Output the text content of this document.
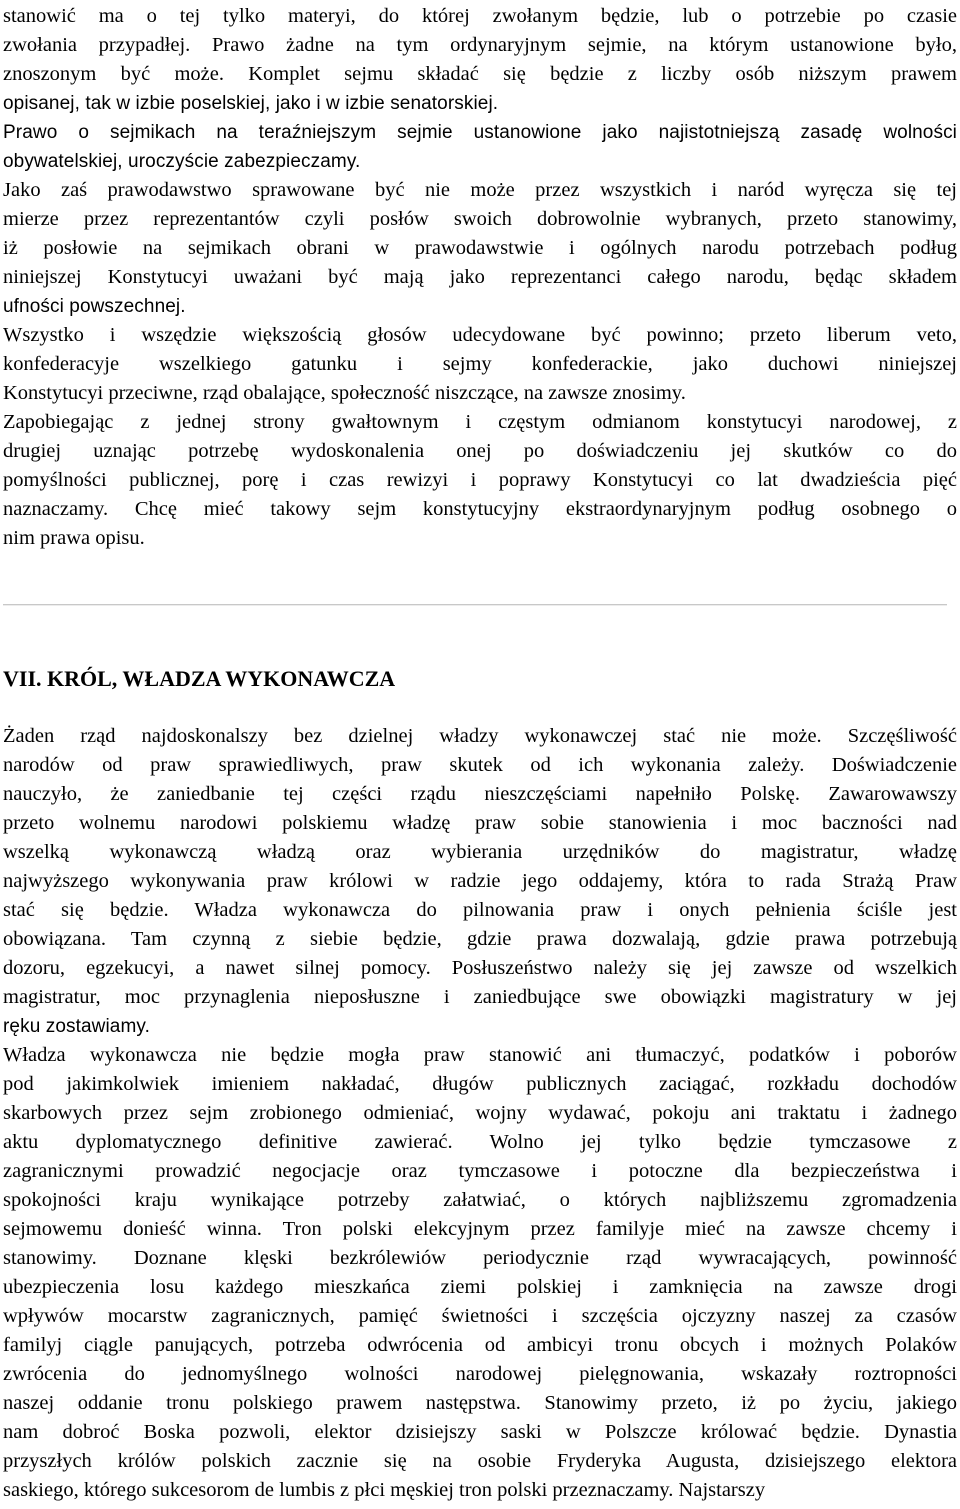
stanowić ma o tej tylko materyi, do której zwołanym będzie, lub o potrzebie po czasie
zwołania przypadłej. Prawo żadne na tym ordynaryjnym sejmie, na którym ustanowione było,
znoszonym być może. Komplet sejmu składać się będzie z liczby osób niższym prawem
opisanej, tak w izbie poselskiej, jako i w izbie senatorskiej.
Prawo o sejmikach na teraźniejszym sejmie ustanowione jako najistotniejszą zasadę wolności
obywatelskiej, uroczyście zabezpieczamy.
Jako zaś prawodawstwo sprawowane być nie może przez wszystkich i naród wyręcza się tej
mierze przez reprezentantów czyli posłów swoich dobrowolnie wybranych, przeto stanowimy,
iż posłowie na sejmikach obrani w prawodawstwie i ogólnych narodu potrzebach podług
niniejszej Konstytucyi uważani być mają jako reprezentanci całego narodu, będąc składem
ufności powszechnej.
Wszystko i wszędzie większością głosów udecydowane być powinno; przeto liberum veto,
konfederacyje wszelkiego gatunku i sejmy konfederackie, jako duchowi niniejszej
Konstytucyi przeciwne, rząd obalające, społeczność niszczące, na zawsze znosimy.
Zapobiegając z jednej strony gwałtownym i częstym odmianom konstytucyi narodowej, z
drugiej uznając potrzebę wydoskonalenia onej po doświadczeniu jej skutków co do
pomyślności publicznej, porę i czas rewizyi i poprawy Konstytucyi co lat dwadzieścia pięć
naznaczamy. Chcę mieć takowy sejm konstytucyjny ekstraordynaryjnym podług osobnego o
nim prawa opisu.
VII. KRÓL, WŁADZA WYKONAWCZA
Żaden rząd najdoskonalszy bez dzielnej władzy wykonawczej stać nie może. Szczęśliwość
narodów od praw sprawiedliwych, praw skutek od ich wykonania zależy. Doświadczenie
nauczyło, że zaniedbanie tej części rządu nieszczęściami napełniło Polskę. Zawarowawszy
przeto wolnemu narodowi polskiemu władzę praw sobie stanowienia i moc baczności nad
wszelką wykonawczą władzą oraz wybierania urzędników do magistratur, władzę
najwyższego wykonywania praw królowi w radzie jego oddajemy, która to rada Strażą Praw
stać się będzie. Władza wykonawcza do pilnowania praw i onych pełnienia ściśle jest
obowiązana. Tam czynną z siebie będzie, gdzie prawa dozwalają, gdzie prawa potrzebują
dozoru, egzekucyi, a nawet silnej pomocy. Posłuszeństwo należy się jej zawsze od wszelkich
magistratur, moc przynaglenia nieposłuszne i zaniedbujące swe obowiązki magistratury w jej
ręku zostawiamy.
Władza wykonawcza nie będzie mogła praw stanowić ani tłumaczyć, podatków i poborów
pod jakimkolwiek imieniem nakładać, długów publicznych zaciągać, rozkładu dochodów
skarbowych przez sejm zrobionego odmieniać, wojny wydawać, pokoju ani traktatu i żadnego
aktu dyplomatycznego definitive zawierać. Wolno jej tylko będzie tymczasowe z
zagranicznymi prowadzić negocjacje oraz tymczasowe i potoczne dla bezpieczeństwa i
spokojności kraju wynikające potrzeby załatwiać, o których najbliższemu zgromadzenia
sejmowemu donieść winna. Tron polski elekcyjnym przez familyje mieć na zawsze chcemy i
stanowimy. Doznane klęski bezkrólewiów periodycznie rząd wywracających, powinność
ubezpieczenia losu każdego mieszkańca ziemi polskiej i zamknięcia na zawsze drogi
wpływów mocarstw zagranicznych, pamięć świetności i szczęścia ojczyzny naszej za czasów
familyj ciągle panujących, potrzeba odwrócenia od ambicyi tronu obcych i możnych Polaków
zwrócenia do jednomyślnego wolności narodowej pielęgnowania, wskazały roztropności
naszej oddanie tronu polskiego prawem następstwa. Stanowimy przeto, iż po życiu, jakiego
nam dobroć Boska pozwoli, elektor dzisiejszy saski w Polszcze królować będzie. Dynastia
przyszłych królów polskich zacznie się na osobie Fryderyka Augusta, dzisiejszego elektora
saskiego, którego sukcesorom de lumbis z płci męskiej tron polski przeznaczamy. Najstarszy
